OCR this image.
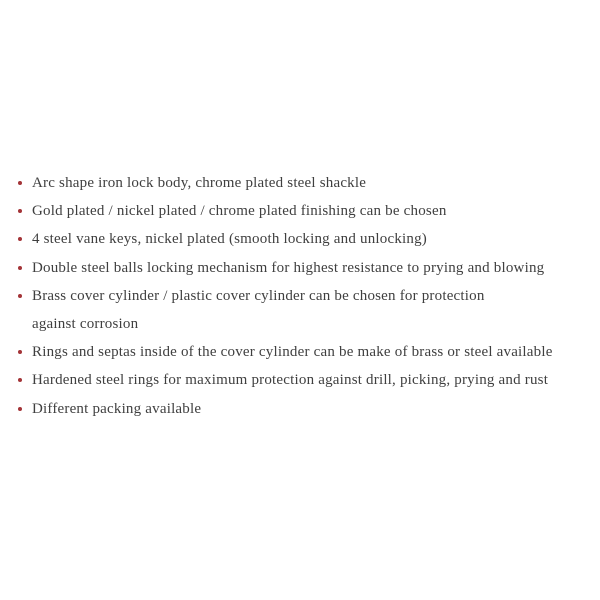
Arc shape iron lock body, chrome plated steel shackle
Gold plated / nickel plated / chrome plated finishing can be chosen
4 steel vane keys, nickel plated (smooth locking and unlocking)
Double steel balls locking mechanism for highest resistance to prying and blowing
Brass cover cylinder / plastic cover cylinder can be chosen for protection
against corrosion
Rings and septas inside of the cover cylinder can be make of brass or steel available
Hardened steel rings for maximum protection against drill, picking, prying and rust
Different packing available
